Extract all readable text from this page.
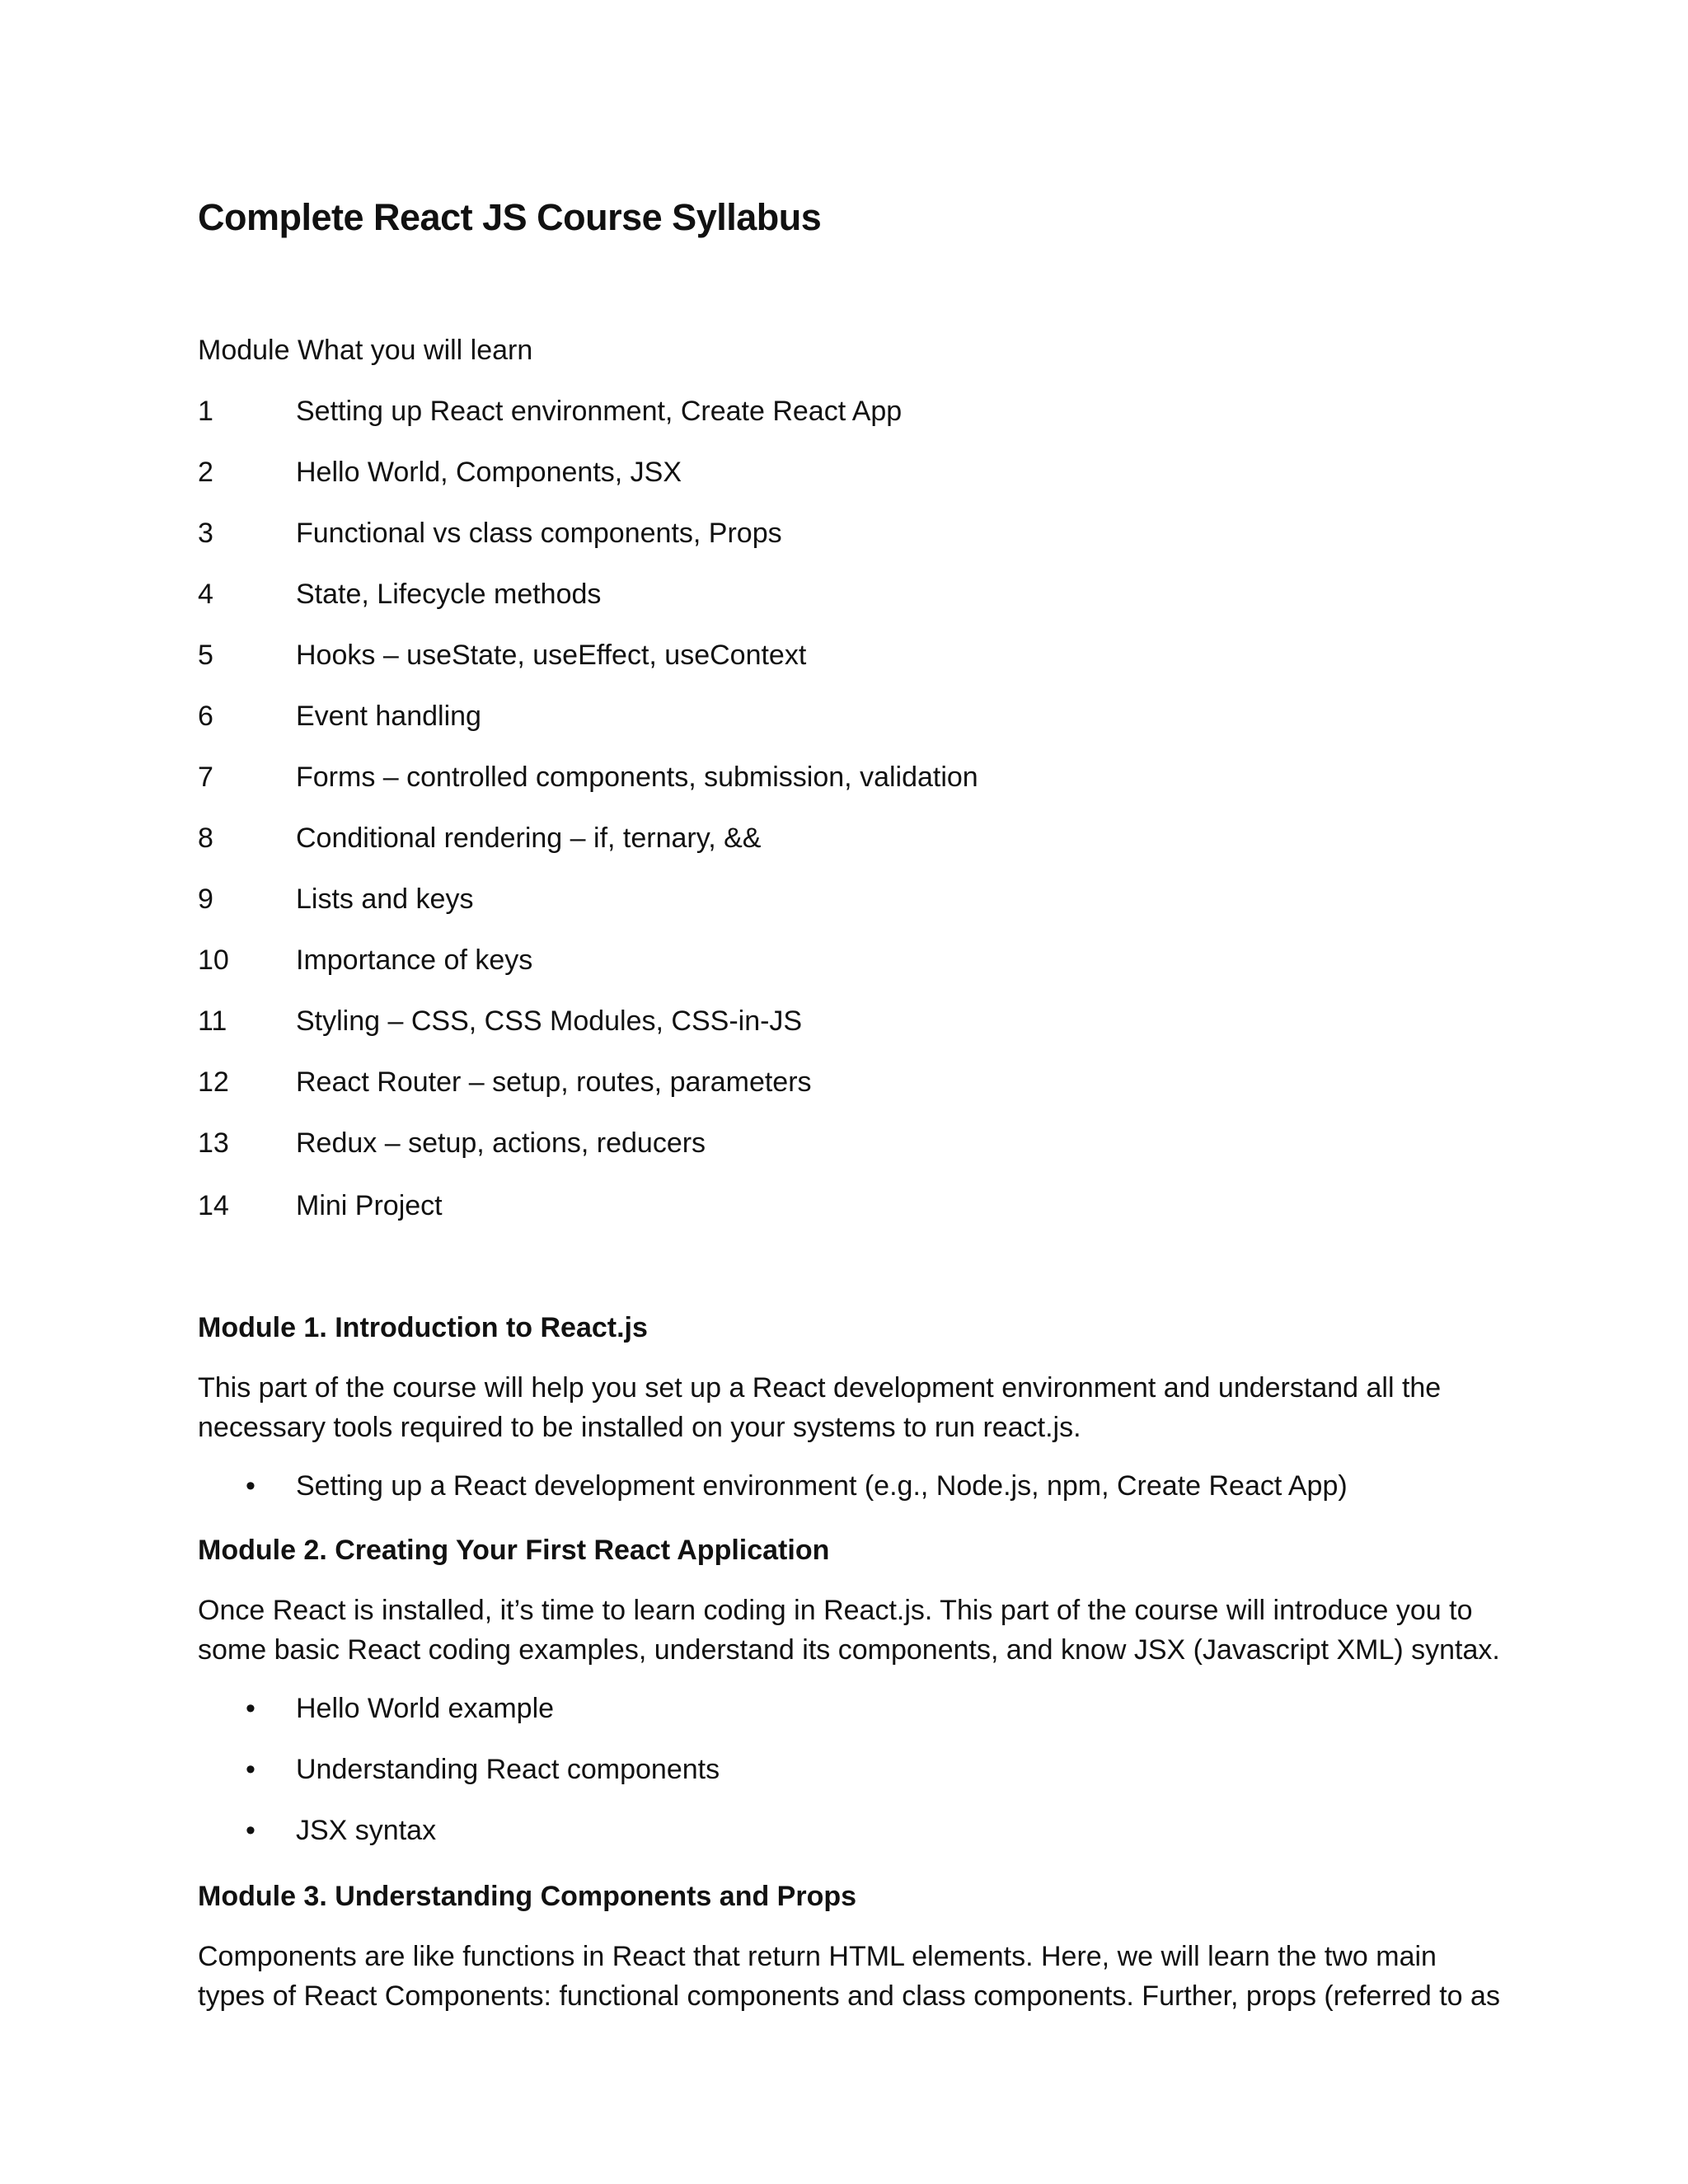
Complete React JS Course Syllabus
Module What you will learn
1	Setting up React environment, Create React App
2	Hello World, Components, JSX
3	Functional vs class components, Props
4	State, Lifecycle methods
5	Hooks – useState, useEffect, useContext
6	Event handling
7	Forms – controlled components, submission, validation
8	Conditional rendering – if, ternary, &&
9	Lists and keys
10 Importance of keys
11 Styling – CSS, CSS Modules, CSS-in-JS
12 React Router – setup, routes, parameters
13 Redux – setup, actions, reducers
14 Mini Project
Module 1. Introduction to React.js
This part of the course will help you set up a React development environment and understand all the
necessary tools required to be installed on your systems to run react.js.
• Setting up a React development environment (e.g., Node.js, npm, Create React App)
Module 2. Creating Your First React Application
Once React is installed, it’s time to learn coding in React.js. This part of the course will introduce you to
some basic React coding examples, understand its components, and know JSX (Javascript XML) syntax.
• Hello World example
• Understanding React components
• JSX syntax
Module 3. Understanding Components and Props
Components are like functions in React that return HTML elements. Here, we will learn the two main
types of React Components: functional components and class components. Further, props (referred to as
